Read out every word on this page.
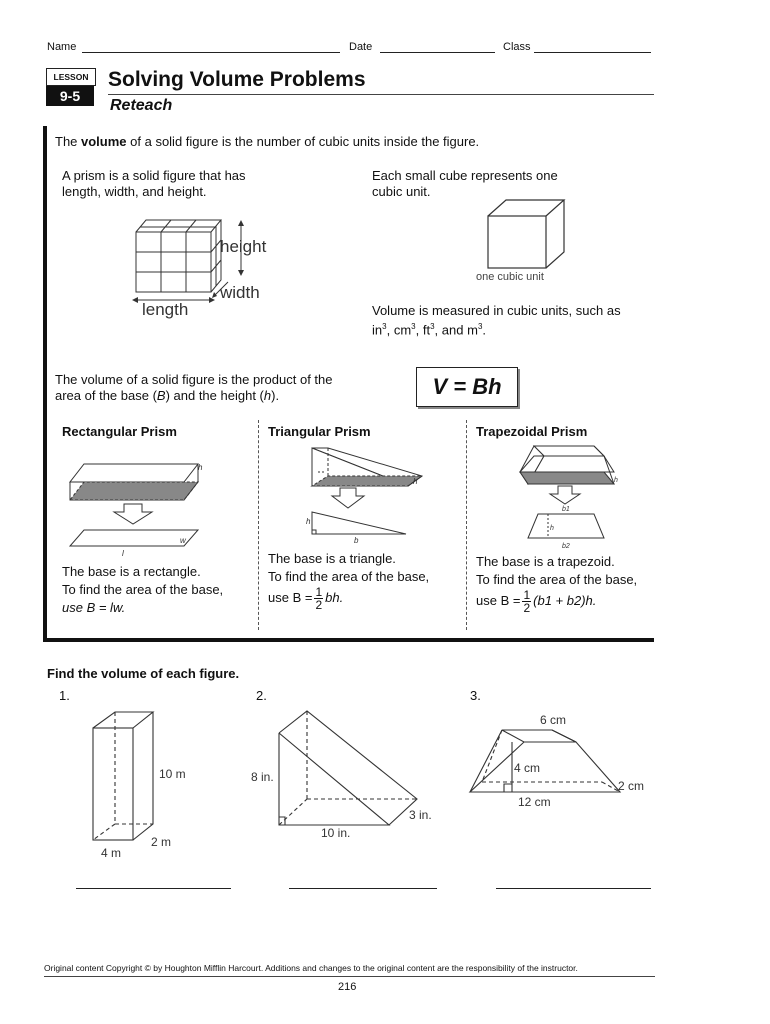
Name	Date	Class
LESSON
9-5
Solving Volume Problems
Reteach
The volume of a solid figure is the number of cubic units inside the figure.
A prism is a solid figure that has length, width, and height.
Each small cube represents one cubic unit.
height
width
length
one cubic unit
Volume is measured in cubic units, such as
$in^3$, $cm^3$, $ft^3$, and $m^3$.
The volume of a solid figure is the product of the area of the base (B) and the height (h).	V = Bh
Rectangular Prism	Triangular Prism	Trapezoidal Prism
h
w
l
h
h
b
h
b1
h
b2
The base is a rectangle.
To find the area of the base,
use B = lw.
The base is a triangle.
To find the area of the base,
use $B = \frac{1}{2}$ bh.
The base is a trapezoid.
To find the area of the base,
use $B = \frac{1}{2} (b1 + b2)h$.
Find the volume of each figure.
1.	2.	3.
10 m
2 m
4 m
8 in.
10 in.
3 in.
6 cm
4 cm
12 cm
2 cm
Original content Copyright © by Houghton Mifflin Harcourt. Additions and changes to the original content are the responsibility of the instructor.
216
